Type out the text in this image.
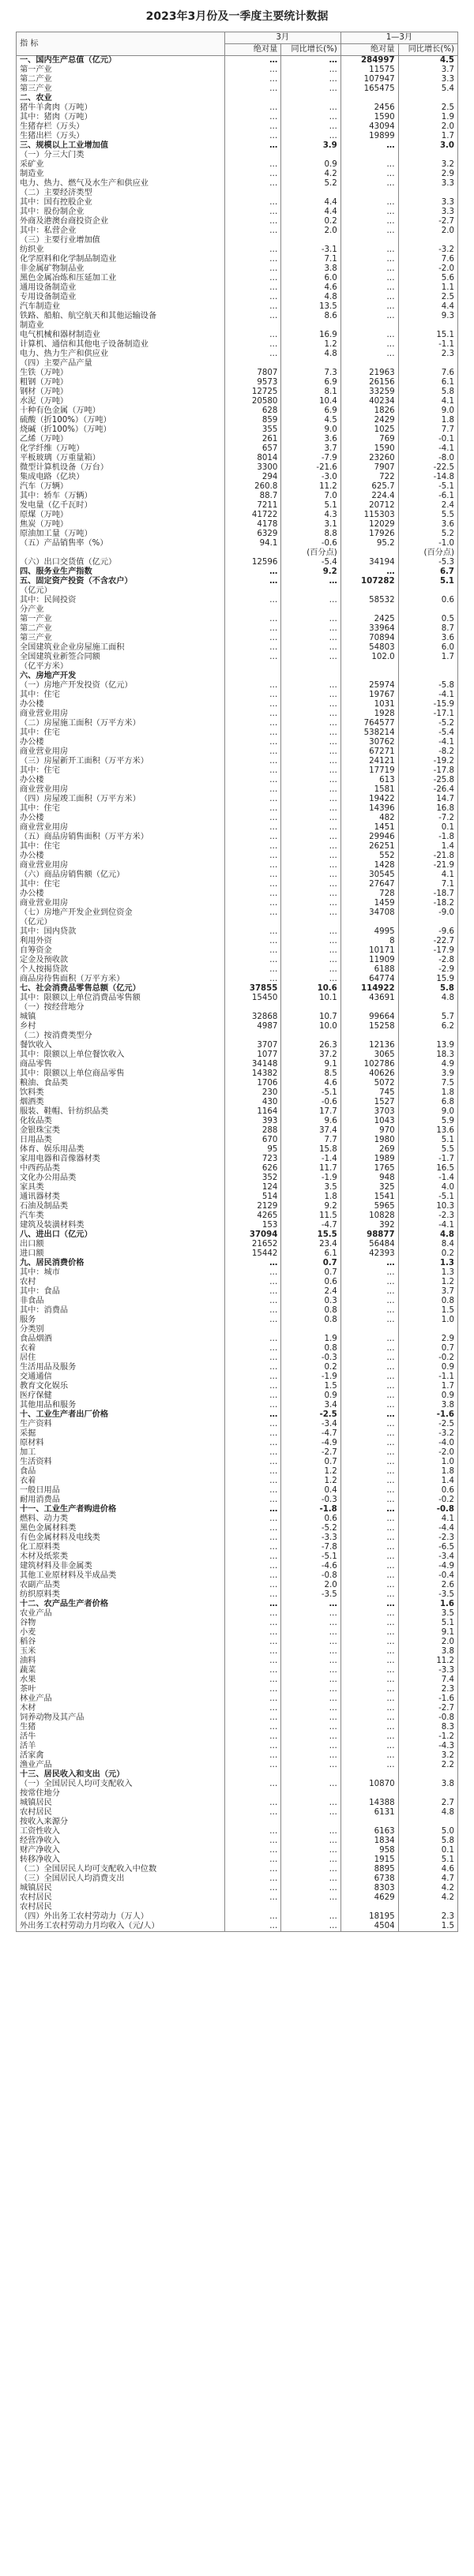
2023年3月份及一季度主要统计数据
指 标	3月		1—3月	
	绝对量	同比增长(%)	绝对量	同比增长(%)
一、国内生产总值（亿元）	…	…	284997	4.5
第一产业	…	…	11575	3.7
第二产业	…	…	107947	3.3
第三产业	…	…	165475	5.4
二、农业				
猪牛羊禽肉（万吨）	…	…	2456	2.5
其中：猪肉（万吨）	…	…	1590	1.9
生猪存栏（万头）	…	…	43094	2.0
生猪出栏（万头）	…	…	19899	1.7
三、规模以上工业增加值	…	3.9	…	3.0
（一）分三大门类				
采矿业	…	0.9	…	3.2
制造业	…	4.2	…	2.9
电力、热力、燃气及水生产和供应业	…	5.2	…	3.3
（二）主要经济类型				
其中：国有控股企业	…	4.4	…	3.3
其中：股份制企业	…	4.4	…	3.3
外商及港澳台商投资企业	…	0.2	…	-2.7
其中：私营企业	…	2.0	…	2.0
（三）主要行业增加值				
纺织业	…	-3.1	…	-3.2
化学原料和化学制品制造业	…	7.1	…	7.6
非金属矿物制品业	…	3.8	…	-2.0
黑色金属冶炼和压延加工业	…	6.0	…	5.6
通用设备制造业	…	4.6	…	1.1
专用设备制造业	…	4.8	…	2.5
汽车制造业	…	13.5	…	4.4
铁路、船舶、航空航天和其他运输设备	…	8.6	…	9.3
制造业				
电气机械和器材制造业	…	16.9	…	15.1
计算机、通信和其他电子设备制造业	…	1.2	…	-1.1
电力、热力生产和供应业	…	4.8	…	2.3
（四）主要产品产量				
生铁（万吨）	7807	7.3	21963	7.6
粗钢（万吨）	9573	6.9	26156	6.1
钢材（万吨）	12725	8.1	33259	5.8
水泥（万吨）	20580	10.4	40234	4.1
十种有色金属（万吨）	628	6.9	1826	9.0
硫酸（折100%）（万吨）	859	4.5	2429	1.8
烧碱（折100%）（万吨）	355	9.0	1025	7.7
乙烯（万吨）	261	3.6	769	-0.1
化学纤维（万吨）	657	3.7	1590	-4.1
平板玻璃（万重量箱）	8014	-7.9	23260	-8.0
微型计算机设备（万台）	3300	-21.6	7907	-22.5
集成电路（亿块）	294	-3.0	722	-14.8
汽车（万辆）	260.8	11.2	625.7	-5.1
其中：轿车（万辆）	88.7	7.0	224.4	-6.1
发电量（亿千瓦时）	7211	5.1	20712	2.4
原煤（万吨）	41722	4.3	115303	5.5
焦炭（万吨）	4178	3.1	12029	3.6
原油加工量（万吨）	6329	8.8	17926	5.2
（五）产品销售率（%）	94.1	-0.6	95.2	-1.0
		(百分点)		(百分点)
（六）出口交货值（亿元）	12596	-5.4	34194	-5.3
四、服务业生产指数	…	9.2	…	6.7
五、固定资产投资（不含农户）	…	…	107282	5.1
（亿元）				
其中：民间投资	…	…	58532	0.6
分产业				
第一产业	…	…	2425	0.5
第二产业	…	…	33964	8.7
第三产业	…	…	70894	3.6
全国建筑业企业房屋施工面积	…	…	54803	6.0
全国建筑业新签合同额	…	…	102.0	1.7
（亿平方米）				
六、房地产开发				
（一）房地产开发投资（亿元）	…	…	25974	-5.8
其中：住宅	…	…	19767	-4.1
办公楼	…	…	1031	-15.9
商业营业用房	…	…	1928	-17.1
（二）房屋施工面积（万平方米）	…	…	764577	-5.2
其中：住宅	…	…	538214	-5.4
办公楼	…	…	30762	-4.1
商业营业用房	…	…	67271	-8.2
（三）房屋新开工面积（万平方米）	…	…	24121	-19.2
其中：住宅	…	…	17719	-17.8
办公楼	…	…	613	-25.8
商业营业用房	…	…	1581	-26.4
（四）房屋竣工面积（万平方米）	…	…	19422	14.7
其中：住宅	…	…	14396	16.8
办公楼	…	…	482	-7.2
商业营业用房	…	…	1451	0.1
（五）商品房销售面积（万平方米）	…	…	29946	-1.8
其中：住宅	…	…	26251	1.4
办公楼	…	…	552	-21.8
商业营业用房	…	…	1428	-21.9
（六）商品房销售额（亿元）	…	…	30545	4.1
其中：住宅	…	…	27647	7.1
办公楼	…	…	728	-18.7
商业营业用房	…	…	1459	-18.2
（七）房地产开发企业到位资金	…	…	34708	-9.0
（亿元）				
其中：国内贷款	…	…	4995	-9.6
利用外资	…	…	8	-22.7
自筹资金	…	…	10171	-17.9
定金及预收款	…	…	11909	-2.8
个人按揭贷款	…	…	6188	-2.9
商品房待售面积（万平方米）	…	…	64774	15.9
七、社会消费品零售总额（亿元）	37855	10.6	114922	5.8
其中：限额以上单位消费品零售额	15450	10.1	43691	4.8
（一）按经营地分				
城镇	32868	10.7	99664	5.7
乡村	4987	10.0	15258	6.2
（二）按消费类型分				
餐饮收入	3707	26.3	12136	13.9
其中：限额以上单位餐饮收入	1077	37.2	3065	18.3
商品零售	34148	9.1	102786	4.9
其中：限额以上单位商品零售	14382	8.5	40626	3.9
粮油、食品类	1706	4.6	5072	7.5
饮料类	230	-5.1	745	1.8
烟酒类	430	-0.6	1527	6.8
服装、鞋帽、针纺织品类	1164	17.7	3703	9.0
化妆品类	393	9.6	1043	5.9
金银珠宝类	288	37.4	970	13.6
日用品类	670	7.7	1980	5.1
体育、娱乐用品类	95	15.8	269	5.5
家用电器和音像器材类	723	-1.4	1989	-1.7
中西药品类	626	11.7	1765	16.5
文化办公用品类	352	-1.9	948	-1.4
家具类	124	3.5	325	4.0
通讯器材类	514	1.8	1541	-5.1
石油及制品类	2129	9.2	5965	10.3
汽车类	4265	11.5	10828	-2.3
建筑及装潢材料类	153	-4.7	392	-4.1
八、进出口（亿元）	37094	15.5	98877	4.8
出口额	21652	23.4	56484	8.4
进口额	15442	6.1	42393	0.2
九、居民消费价格	…	0.7	…	1.3
其中：城市	…	0.7	…	1.3
农村	…	0.6	…	1.2
其中：食品	…	2.4	…	3.7
非食品	…	0.3	…	0.8
其中：消费品	…	0.8	…	1.5
服务	…	0.8	…	1.0
分类别				
食品烟酒	…	1.9	…	2.9
衣着	…	0.8	…	0.7
居住	…	-0.3	…	-0.2
生活用品及服务	…	0.2	…	0.9
交通通信	…	-1.9	…	-1.1
教育文化娱乐	…	1.5	…	1.7
医疗保健	…	0.9	…	0.9
其他用品和服务	…	3.4	…	3.8
十、工业生产者出厂价格	…	-2.5	…	-1.6
生产资料	…	-3.4	…	-2.5
采掘	…	-4.7	…	-3.2
原材料	…	-4.9	…	-4.0
加工	…	-2.7	…	-2.0
生活资料	…	0.7	…	1.0
食品	…	1.2	…	1.8
衣着	…	1.2	…	1.4
一般日用品	…	0.4	…	0.6
耐用消费品	…	-0.3	…	-0.2
十一、工业生产者购进价格	…	-1.8	…	-0.8
燃料、动力类	…	0.6	…	4.1
黑色金属材料类	…	-5.2	…	-4.4
有色金属材料及电线类	…	-3.3	…	-2.3
化工原料类	…	-7.8	…	-6.5
木材及纸浆类	…	-5.1	…	-3.4
建筑材料及非金属类	…	-4.6	…	-4.9
其他工业原材料及半成品类	…	-0.8	…	-0.4
农副产品类	…	2.0	…	2.6
纺织原料类	…	-3.5	…	-3.5
十二、农产品生产者价格	…	…	…	1.6
农业产品	…	…	…	3.5
谷物	…	…	…	5.1
小麦	…	…	…	9.1
稻谷	…	…	…	2.0
玉米	…	…	…	3.8
油料	…	…	…	11.2
蔬菜	…	…	…	-3.3
水果	…	…	…	7.4
茶叶	…	…	…	2.3
林业产品	…	…	…	-1.6
木材	…	…	…	-2.7
饲养动物及其产品	…	…	…	-0.8
生猪	…	…	…	8.3
活牛	…	…	…	-1.2
活羊	…	…	…	-4.3
活家禽	…	…	…	3.2
渔业产品	…	…	…	2.2
十三、居民收入和支出（元）				
（一）全国居民人均可支配收入	…	…	10870	3.8
按常住地分				
城镇居民	…	…	14388	2.7
农村居民	…	…	6131	4.8
按收入来源分				
工资性收入	…	…	6163	5.0
经营净收入	…	…	1834	5.8
财产净收入	…	…	958	0.1
转移净收入	…	…	1915	5.1
（二）全国居民人均可支配收入中位数	…	…	8895	4.6
（三）全国居民人均消费支出	…	…	6738	4.7
城镇居民	…	…	8303	4.2
农村居民	…	…	4629	4.2
农村居民				
（四）外出务工农村劳动力（万人）	…	…	18195	2.3
外出务工农村劳动力月均收入（元/人）	…	…	4504	1.5
